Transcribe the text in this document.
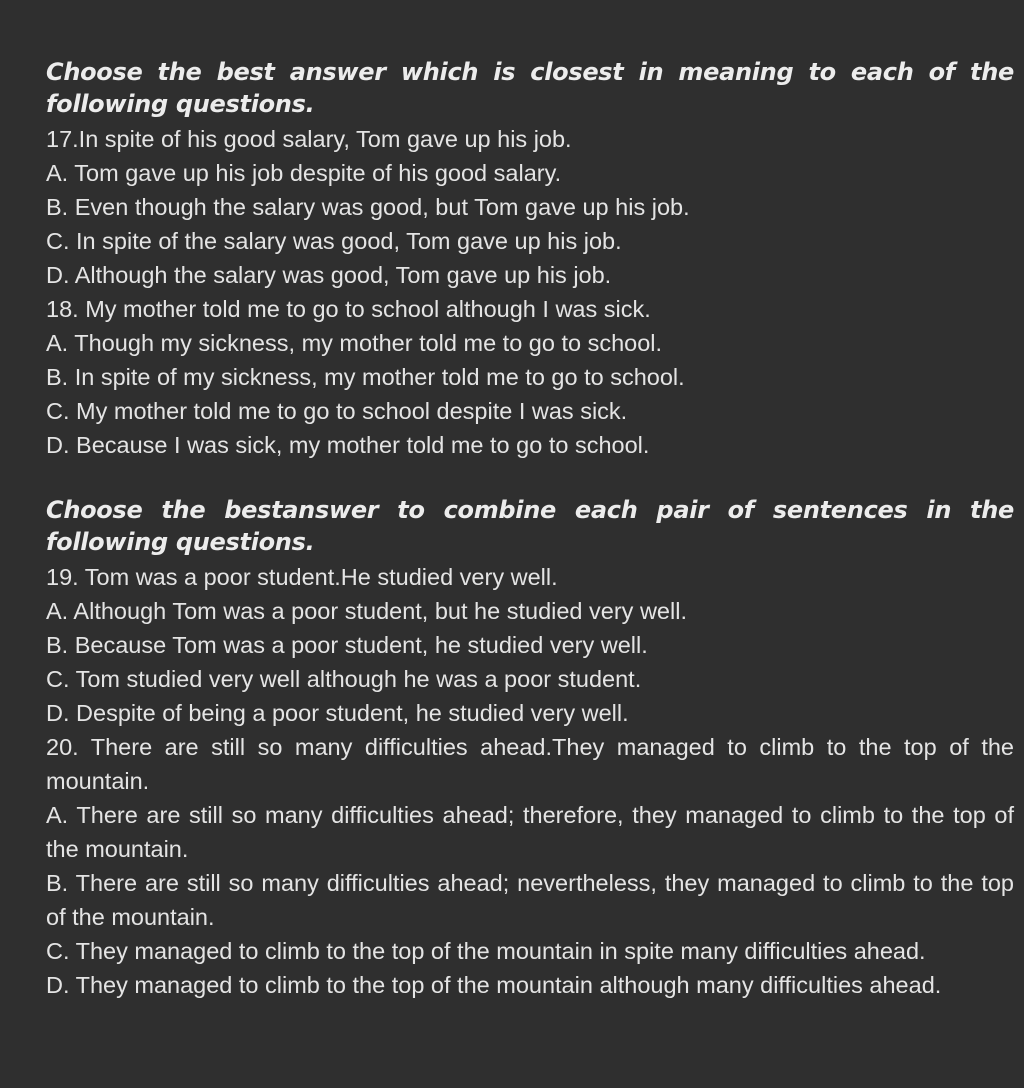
Choose the best answer which is closest in meaning to each of the following questions.

17.In spite of his good salary, Tom gave up his job.

A. Tom gave up his job despite of his good salary.

B. Even though the salary was good, but Tom gave up his job.

C. In spite of the salary was good, Tom gave up his job.

D. Although the salary was good, Tom gave up his job.

18. My mother told me to go to school although I was sick.

A. Though my sickness, my mother told me to go to school.

B. In spite of my sickness, my mother told me to go to school.

C. My mother told me to go to school despite I was sick.

D. Because I was sick, my mother told me to go to school.

Choose the bestanswer to combine each pair of sentences in the following questions.

19. Tom was a poor student.He studied very well.

A. Although Tom was a poor student, but he studied very well.

B. Because Tom was a poor student, he studied very well.

C. Tom studied very well although he was a poor student.

D. Despite of being a poor student, he studied very well.

20. There are still so many difficulties ahead.They managed to climb to the top of the mountain.

A. There are still so many difficulties ahead; therefore, they managed to climb to the top of the mountain.

B. There are still so many difficulties ahead; nevertheless, they managed to climb to the top of the mountain.

C. They managed to climb to the top of the mountain in spite many difficulties ahead.

D. They managed to climb to the top of the mountain although many difficulties ahead.
